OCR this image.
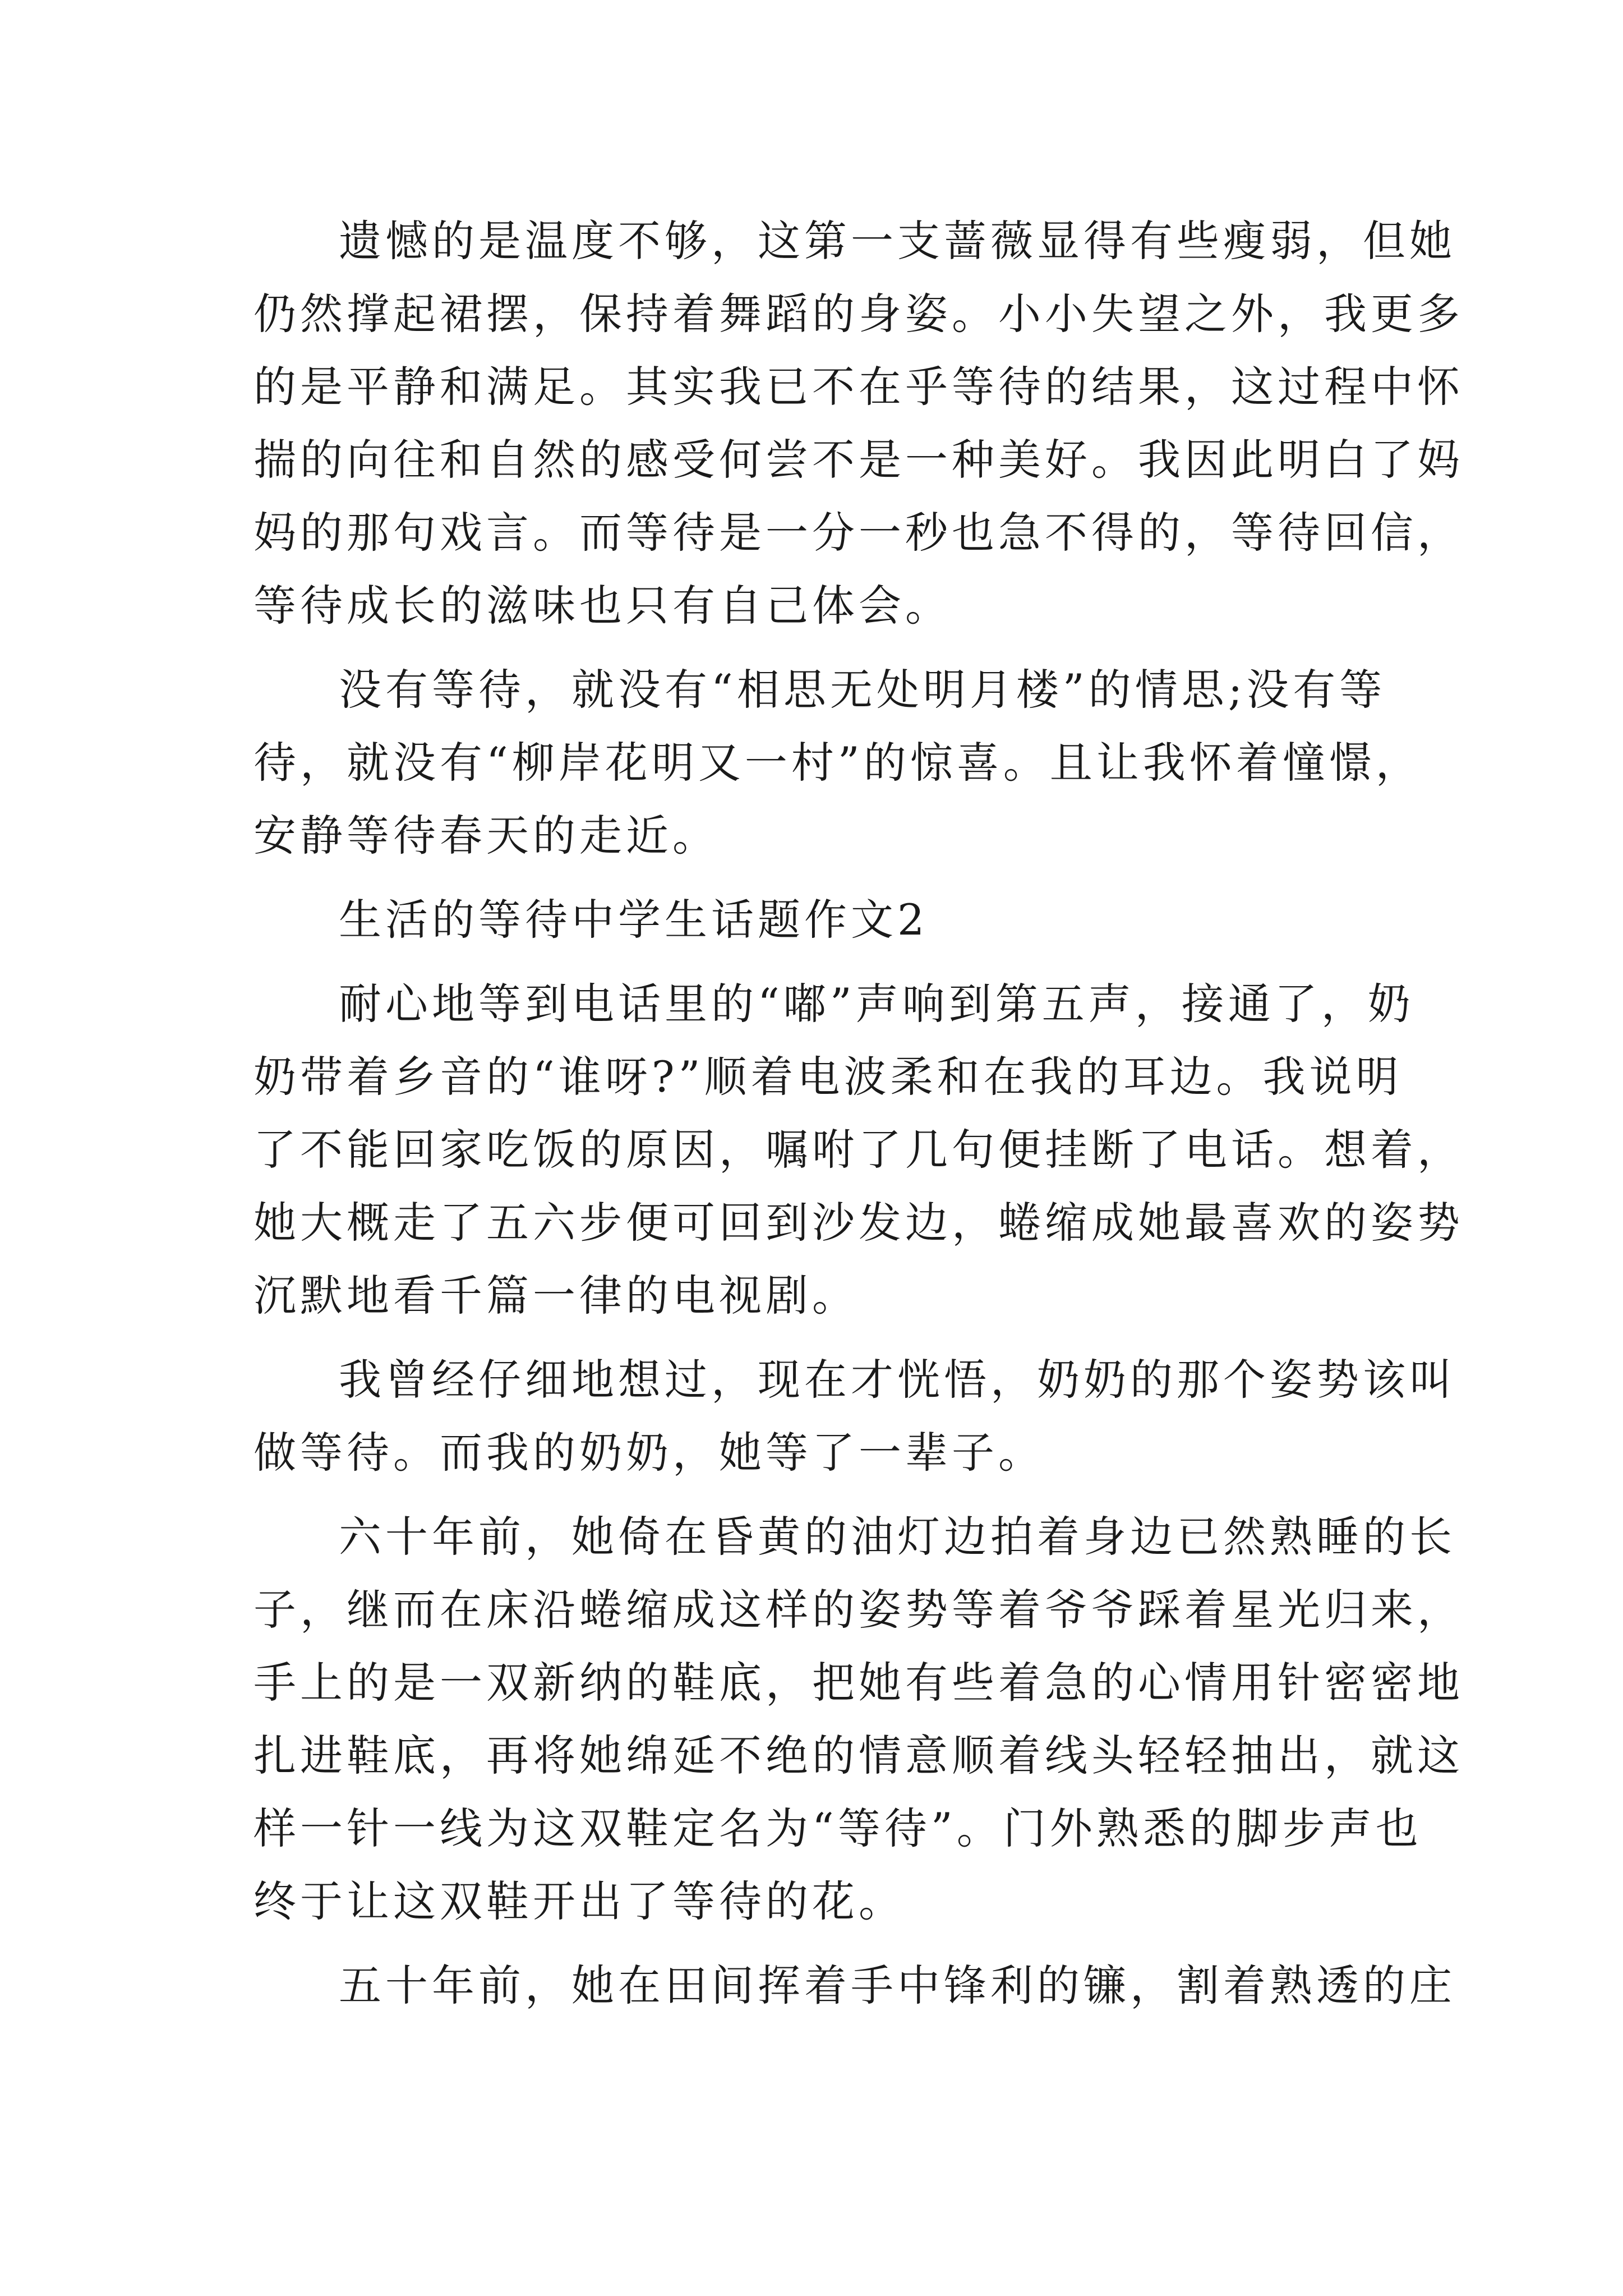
遗憾的是温度不够，这第一支蔷薇显得有些瘦弱，但她
仍然撑起裙摆，保持着舞蹈的身姿。小小失望之外，我更多
的是平静和满足。其实我已不在乎等待的结果，这过程中怀
揣的向往和自然的感受何尝不是一种美好。我因此明白了妈
妈的那句戏言。而等待是一分一秒也急不得的，等待回信，
等待成长的滋味也只有自己体会。
没有等待，就没有“相思无处明月楼”的情思;没有等
待，就没有“柳岸花明又一村”的惊喜。且让我怀着憧憬，
安静等待春天的走近。
生活的等待中学生话题作文2
耐心地等到电话里的“嘟”声响到第五声，接通了，奶
奶带着乡音的“谁呀?”顺着电波柔和在我的耳边。我说明
了不能回家吃饭的原因，嘱咐了几句便挂断了电话。想着，
她大概走了五六步便可回到沙发边，蜷缩成她最喜欢的姿势
沉默地看千篇一律的电视剧。
我曾经仔细地想过，现在才恍悟，奶奶的那个姿势该叫
做等待。而我的奶奶，她等了一辈子。
六十年前，她倚在昏黄的油灯边拍着身边已然熟睡的长
子，继而在床沿蜷缩成这样的姿势等着爷爷踩着星光归来，
手上的是一双新纳的鞋底，把她有些着急的心情用针密密地
扎进鞋底，再将她绵延不绝的情意顺着线头轻轻抽出，就这
样一针一线为这双鞋定名为“等待”。门外熟悉的脚步声也
终于让这双鞋开出了等待的花。
五十年前，她在田间挥着手中锋利的镰，割着熟透的庄
